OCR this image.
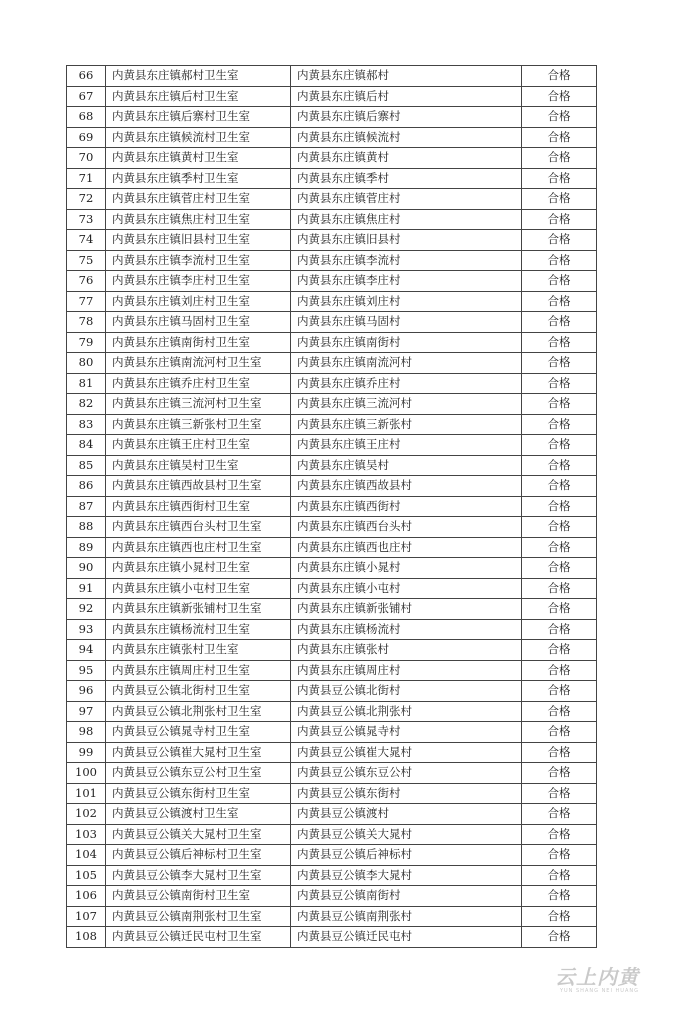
66	内黄县东庄镇郝村卫生室	内黄县东庄镇郝村	合格
67	内黄县东庄镇后村卫生室	内黄县东庄镇后村	合格
68	内黄县东庄镇后寨村卫生室	内黄县东庄镇后寨村	合格
69	内黄县东庄镇候流村卫生室	内黄县东庄镇候流村	合格
70	内黄县东庄镇黄村卫生室	内黄县东庄镇黄村	合格
71	内黄县东庄镇季村卫生室	内黄县东庄镇季村	合格
72	内黄县东庄镇菅庄村卫生室	内黄县东庄镇菅庄村	合格
73	内黄县东庄镇焦庄村卫生室	内黄县东庄镇焦庄村	合格
74	内黄县东庄镇旧县村卫生室	内黄县东庄镇旧县村	合格
75	内黄县东庄镇李流村卫生室	内黄县东庄镇李流村	合格
76	内黄县东庄镇李庄村卫生室	内黄县东庄镇李庄村	合格
77	内黄县东庄镇刘庄村卫生室	内黄县东庄镇刘庄村	合格
78	内黄县东庄镇马固村卫生室	内黄县东庄镇马固村	合格
79	内黄县东庄镇南街村卫生室	内黄县东庄镇南街村	合格
80	内黄县东庄镇南流河村卫生室	内黄县东庄镇南流河村	合格
81	内黄县东庄镇乔庄村卫生室	内黄县东庄镇乔庄村	合格
82	内黄县东庄镇三流河村卫生室	内黄县东庄镇三流河村	合格
83	内黄县东庄镇三新张村卫生室	内黄县东庄镇三新张村	合格
84	内黄县东庄镇王庄村卫生室	内黄县东庄镇王庄村	合格
85	内黄县东庄镇吴村卫生室	内黄县东庄镇吴村	合格
86	内黄县东庄镇西故县村卫生室	内黄县东庄镇西故县村	合格
87	内黄县东庄镇西街村卫生室	内黄县东庄镇西街村	合格
88	内黄县东庄镇西台头村卫生室	内黄县东庄镇西台头村	合格
89	内黄县东庄镇西也庄村卫生室	内黄县东庄镇西也庄村	合格
90	内黄县东庄镇小晁村卫生室	内黄县东庄镇小晁村	合格
91	内黄县东庄镇小屯村卫生室	内黄县东庄镇小屯村	合格
92	内黄县东庄镇新张铺村卫生室	内黄县东庄镇新张铺村	合格
93	内黄县东庄镇杨流村卫生室	内黄县东庄镇杨流村	合格
94	内黄县东庄镇张村卫生室	内黄县东庄镇张村	合格
95	内黄县东庄镇周庄村卫生室	内黄县东庄镇周庄村	合格
96	内黄县豆公镇北街村卫生室	内黄县豆公镇北街村	合格
97	内黄县豆公镇北荆张村卫生室	内黄县豆公镇北荆张村	合格
98	内黄县豆公镇晁寺村卫生室	内黄县豆公镇晁寺村	合格
99	内黄县豆公镇崔大晁村卫生室	内黄县豆公镇崔大晁村	合格
100	内黄县豆公镇东豆公村卫生室	内黄县豆公镇东豆公村	合格
101	内黄县豆公镇东街村卫生室	内黄县豆公镇东街村	合格
102	内黄县豆公镇渡村卫生室	内黄县豆公镇渡村	合格
103	内黄县豆公镇关大晁村卫生室	内黄县豆公镇关大晁村	合格
104	内黄县豆公镇后神标村卫生室	内黄县豆公镇后神标村	合格
105	内黄县豆公镇李大晁村卫生室	内黄县豆公镇李大晁村	合格
106	内黄县豆公镇南街村卫生室	内黄县豆公镇南街村	合格
107	内黄县豆公镇南荆张村卫生室	内黄县豆公镇南荆张村	合格
108	内黄县豆公镇迁民屯村卫生室	内黄县豆公镇迁民屯村	合格
云上内黄
YUN SHANG NEI HUANG
